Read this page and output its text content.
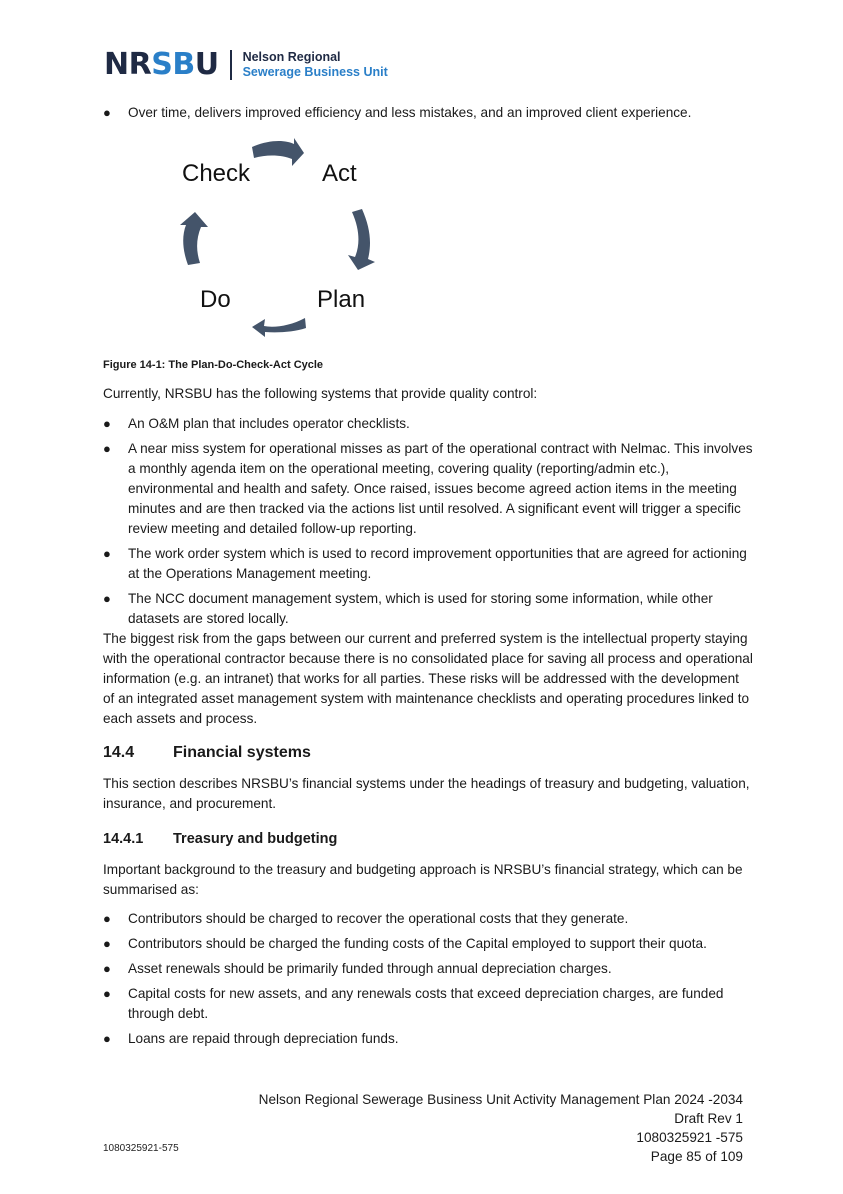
NRSBU Nelson Regional
Sewerage Business Unit
● Over time, delivers improved efficiency and less mistakes, and an improved client experience.
Check	Act
Do	Plan
Figure 14-1: The Plan-Do-Check-Act Cycle
Currently, NRSBU has the following systems that provide quality control:
● An O&M plan that includes operator checklists.
● A near miss system for operational misses as part of the operational contract with Nelmac. This involves a monthly agenda item on the operational meeting, covering quality (reporting/admin etc.), environmental and health and safety. Once raised, issues become agreed action items in the meeting minutes and are then tracked via the actions list until resolved. A significant event will trigger a specific review meeting and detailed follow-up reporting.
● The work order system which is used to record improvement opportunities that are agreed for actioning at the Operations Management meeting.
● The NCC document management system, which is used for storing some information, while other datasets are stored locally.
The biggest risk from the gaps between our current and preferred system is the intellectual property staying with the operational contractor because there is no consolidated place for saving all process and operational information (e.g. an intranet) that works for all parties. These risks will be addressed with the development of an integrated asset management system with maintenance checklists and operating procedures linked to each assets and process.
14.4	Financial systems
This section describes NRSBU’s financial systems under the headings of treasury and budgeting, valuation, insurance, and procurement.
14.4.1	Treasury and budgeting
Important background to the treasury and budgeting approach is NRSBU’s financial strategy, which can be summarised as:
● Contributors should be charged to recover the operational costs that they generate.
● Contributors should be charged the funding costs of the Capital employed to support their quota.
● Asset renewals should be primarily funded through annual depreciation charges.
● Capital costs for new assets, and any renewals costs that exceed depreciation charges, are funded through debt.
● Loans are repaid through depreciation funds.
Nelson Regional Sewerage Business Unit Activity Management Plan 2024 -2034
Draft Rev 1
1080325921 -575
Page 85 of 109
1080325921-575
